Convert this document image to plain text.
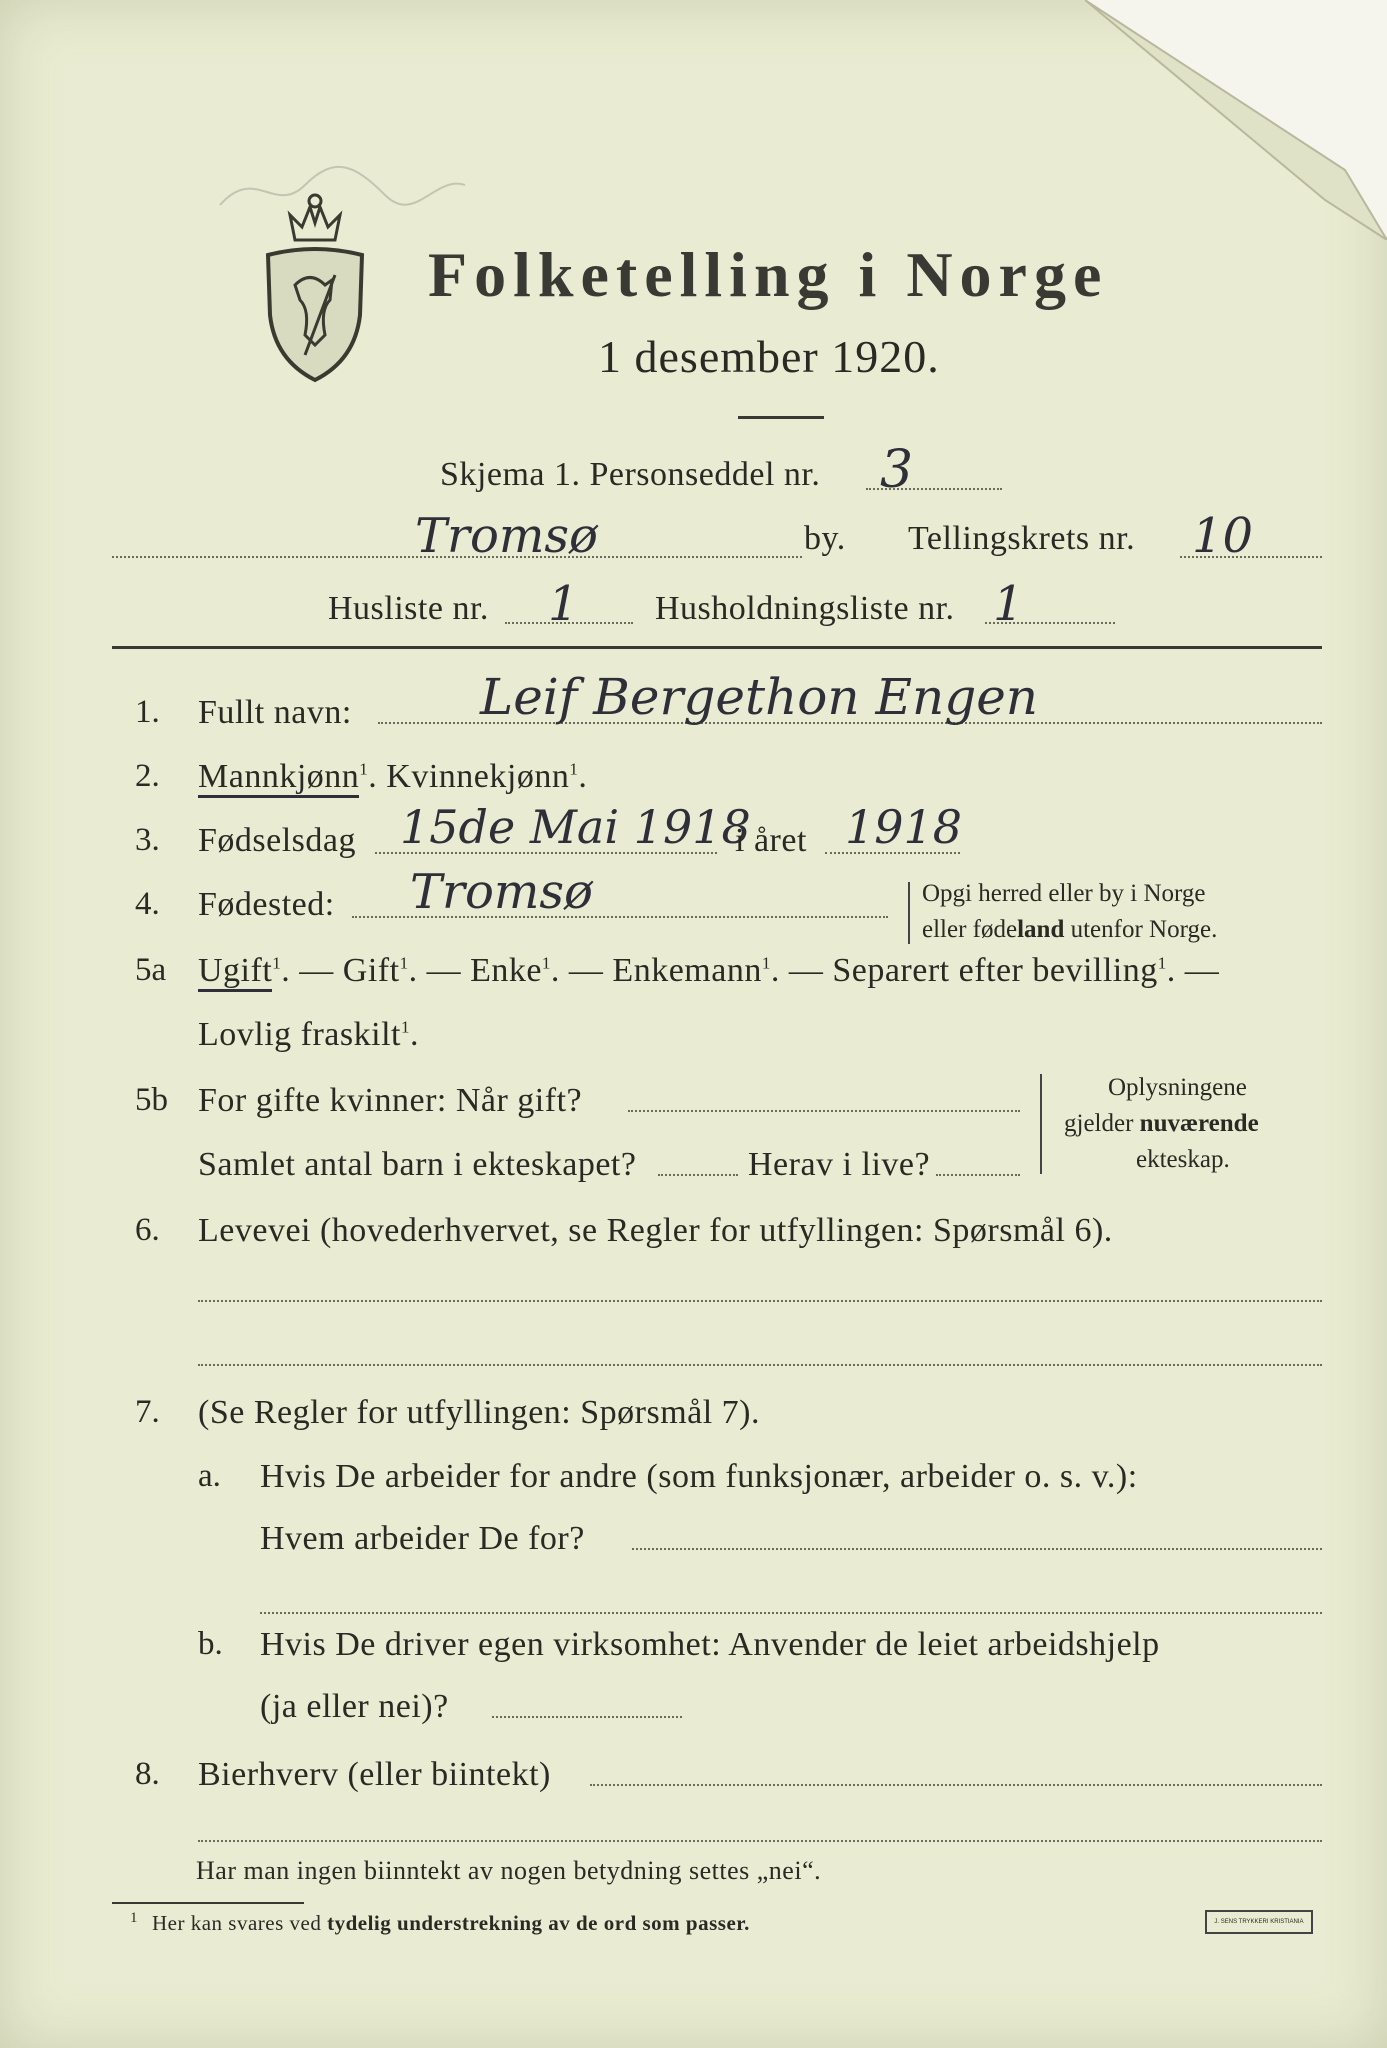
Folketelling i Norge
1 desember 1920.
Skjema 1. Personseddel nr. 3
Tromsø	by. Tellingskrets nr. 10
Husliste nr. 1 Husholdningsliste nr. 1
1. Fullt navn:	Leif Bergethon Engen
2. Mannkjønn$^1$. Kvinnekjønn$^1$.
3. Fødselsdag 15de Mai 1918
i året 1918
4. Fødested: Tromsø	Opgi herred eller by i Norge
eller fødeland utenfor Norge.
5a Ugift$^1$. — Gift$^1$. — Enke$^1$. — Enkemann$^1$. — Separert efter bevilling$^1$. —
Lovlig fraskilt$^1$.
5b For gifte kvinner: Når gift?
Samlet antal barn i ekteskapet?	Herav i live?
Oplysningene
gjelder nuværende
ekteskap.
6. Levevei (hovederhvervet, se Regler for utfyllingen: Spørsmål 6).
7. (Se Regler for utfyllingen: Spørsmål 7).
a. Hvis De arbeider for andre (som funksjonær, arbeider o. s. v.):
Hvem arbeider De for?
b. Hvis De driver egen virksomhet: Anvender de leiet arbeidshjelp
(ja eller nei)?
8. Bierhverv (eller biintekt)
Har man ingen biinntekt av nogen betydning settes „nei“.
$^1$ Her kan svares ved tydelig understrekning av de ord som passer.	J. SENS TRYKKERI KRISTIANIA
